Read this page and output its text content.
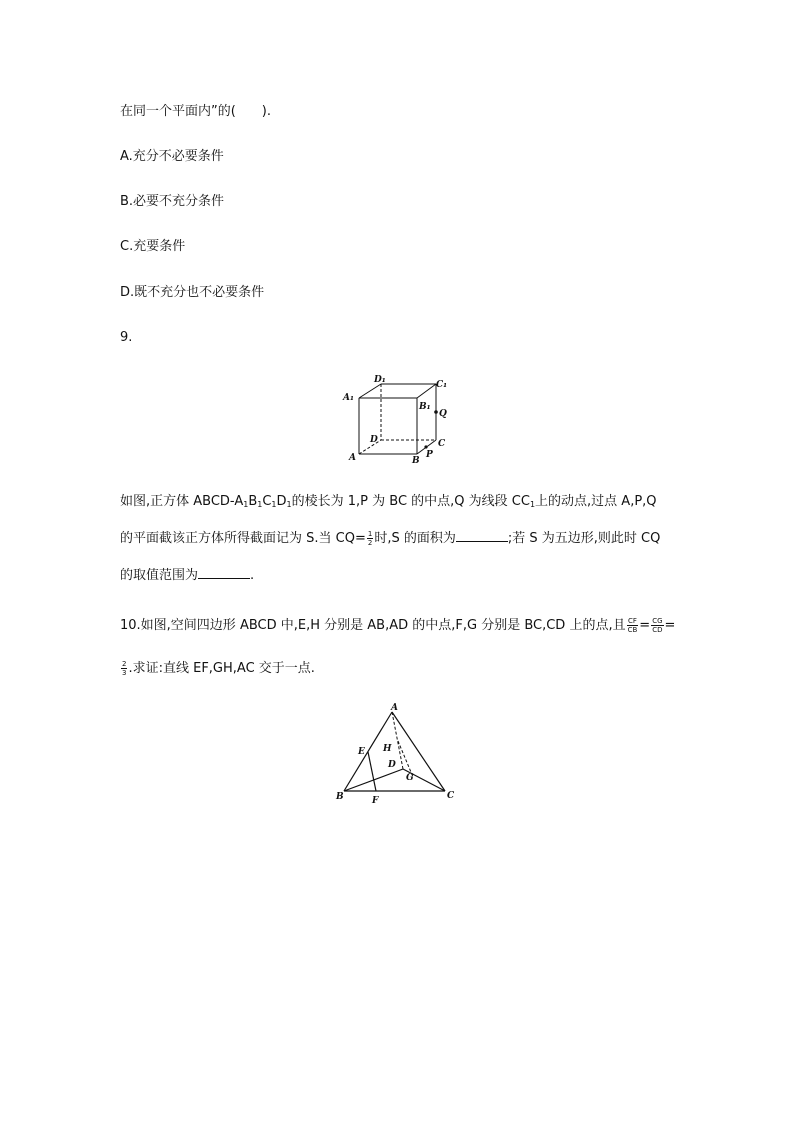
在同一个平面内”的(　　).
A.充分不必要条件
B.必要不充分条件
C.充要条件
D.既不充分也不必要条件
9.
A₁
D₁	C₁
B₁
Q
D	C
A	B
P
如图,正方体 ABCD-$A_1B_1C_1D_1$的棱长为 1,P 为 BC 的中点,Q 为线段 $CC_1$上的动点,过点 A,P,Q
的平面截该正方体所得截面记为 S.当 $CQ= \frac{1}{2}$ 时,S 的面积为	;若 S 为五边形,则此时 CQ
的取值范围为	.
10.如图,空间四边形 ABCD 中,E,H 分别是 AB,AD 的中点,F,G 分别是 BC,CD 上的点,且 $\frac{CF}{CB} = \frac{CG}{CD}$ =
$\frac{2}{3}$ .求证:直线 EF,GH,AC 交于一点.
A
E H
D
G
B	F	C
